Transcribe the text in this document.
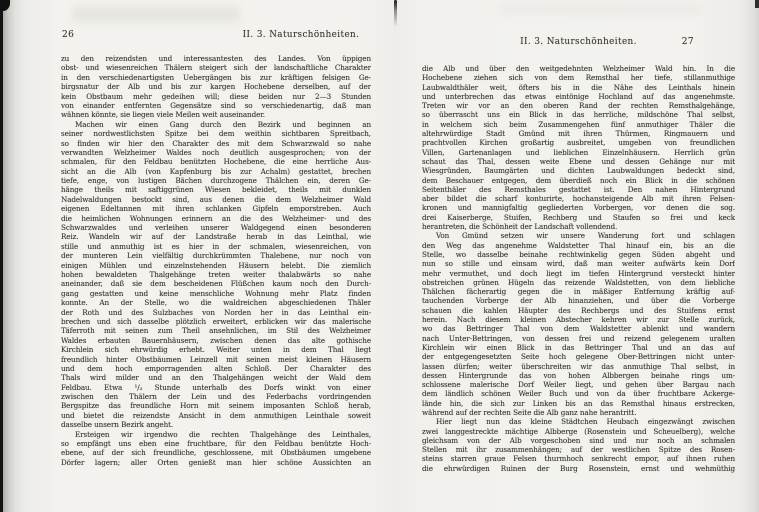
26	II. 3. Naturschönheiten.
zu den reizendsten und interessantesten des Landes. Von üppigen
obst- und wiesenreichen Thälern steigert sich der landschaftliche Charakter
in den verschiedenartigsten Uebergängen bis zur kräftigen felsigen Ge-
birgsnatur der Alb und bis zur kargen Hochebene derselben, auf der
kein Obstbaum mehr gedeihen will; diese beiden nur 2—3 Stunden
von einander entfernten Gegensätze sind so verschiedenartig, daß man
wähnen könnte, sie liegen viele Meilen weit auseinander.
Machen wir einen Gang durch den Bezirk und beginnen an
seiner nordwestlichsten Spitze bei dem weithin sichtbaren Spreitbach,
so finden wir hier den Charakter des mit dem Schwarzwald so nahe
verwandten Welzheimer Waldes noch deutlich ausgesprochen; von der
schmalen, für den Feldbau benützten Hochebene, die eine herrliche Aus-
sicht an die Alb (von Kapfenburg bis zur Achalm) gestattet, brechen
tiefe, enge, von lustigen Bächen durchzogene Thälchen ein, deren Ge-
hänge theils mit saftiggrünen Wiesen bekleidet, theils mit dunklen
Nadelwaldungen bestockt sind, aus denen die dem Welzheimer Wald
eigenen Edeltannen mit ihren schlanken Gipfeln emporstreben. Auch
die heimlichen Wohnungen erinnern an die des Welzheimer- und des
Schwarzwaldes und verleihen unserer Waldgegend einen besonderen
Reiz. Wandeln wir auf der Landstraße herab in das Leinthal, wie
stille und anmuthig ist es hier in der schmalen, wiesenreichen, von
der munteren Lein vielfältig durchkrümmten Thalebene, nur noch von
einigen Mühlen und einzelnstehenden Häusern belebt. Die ziemlich
hohen bewaldeten Thalgehänge treten weiter thalabwärts so nahe
aneinander, daß sie dem bescheidenen Flüßchen kaum noch den Durch-
gang gestatten und keine menschliche Wohnung mehr Platz finden
konnte. An der Stelle, wo die waldreichen abgeschiedenen Thäler
der Roth und des Sulzbaches von Norden her in das Leinthal ein-
brechen und sich dasselbe plötzlich erweitert, erblicken wir das malerische
Täferroth mit seinen zum Theil ansehnlichen, im Stil des Welzheimer
Waldes erbauten Bauernhäusern, zwischen denen das alte gothische
Kirchlein sich ehrwürdig erhebt. Weiter unten in dem Thal liegt
freundlich hinter Obstbäumen Leinzell mit seinen meist kleinen Häusern
und dem hoch emporragenden alten Schloß. Der Charakter des
Thals wird milder und an den Thalgehängen weicht der Wald dem
Feldbau. Etwa ¹/₂ Stunde unterhalb des Dorfs winkt von einer
zwischen den Thälern der Lein und des Federbachs vordringenden
Bergspitze das freundliche Horn mit seinem imposanten Schloß herab,
und bietet die reizendste Ansicht in dem anmuthigen Leinthale soweit
dasselbe unsern Bezirk angeht.
Ersteigen wir irgendwo die rechten Thalgehänge des Leinthales,
so empfängt uns eben eine fruchtbare, für den Feldbau benützte Hoch-
ebene, auf der sich freundliche, geschlossene, mit Obstbäumen umgebene
Dörfer lagern; aller Orten genießt man hier schöne Aussichten an
II. 3. Naturschönheiten.	27
die Alb und über den weitgedehnten Welzheimer Wald hin. In die
Hochebene ziehen sich von dem Remsthal her tiefe, stillanmuthige
Laubwaldthäler weit, öfters bis in die Nähe des Leinthals hinein
und unterbrechen das etwas eintönige Hochland auf das angenehmste.
Treten wir vor an den oberen Rand der rechten Remsthalgehänge,
so überrascht uns ein Blick in das herrliche, mildschöne Thal selbst,
in welchem sich beim Zusammengehen fünf anmuthiger Thäler die
altehrwürdige Stadt Gmünd mit ihren Thürmen, Ringmauern und
prachtvollen Kirchen großartig ausbreitet, umgeben von freundlichen
Villen, Gartenanlagen und lieblichen Einzelnhäusern. Herrlich grün
schaut das Thal, dessen weite Ebene und dessen Gehänge nur mit
Wiesgründen, Baumgärten und dichten Laubwaldungen bedeckt sind,
dem Beschauer entgegen, dem überdieß noch ein Blick in die schönen
Seitenthäler des Remsthales gestattet ist. Den nahen Hintergrund
aber bildet die scharf konturirte, hochansteigende Alb mit ihren Felsen-
kronen und mannigfaltig gegliederten Vorbergen, vor denen die sog.
drei Kaiserberge, Stuifen, Rechberg und Staufen so frei und keck
herantreten, die Schönheit der Landschaft vollendend.
Von Gmünd setzen wir unsere Wanderung fort und schlagen
den Weg das angenehme Waldstetter Thal hinauf ein, bis an die
Stelle, wo dasselbe beinahe rechtwinkelig gegen Süden abgeht und
nun so stille und einsam wird, daß man weiter aufwärts kein Dorf
mehr vermuthet, und doch liegt im tiefen Hintergrund versteckt hinter
obstreichen grünen Hügeln das reizende Waldstetten, von dem liebliche
Thälchen fächerartig gegen die in mäßiger Entfernung kräftig auf-
tauchenden Vorberge der Alb hinanziehen, und über die Vorberge
schauen die kahlen Häupter des Rechbergs und des Stuifens ernst
herein. Nach diesem kleinen Abstecher kehren wir zur Stelle zurück,
wo das Bettringer Thal von dem Waldstetter ablenkt und wandern
nach Unter-Bettringen, von dessen frei und reizend gelegenem uralten
Kirchlein wir einen Blick in das Bettringer Thal und an das auf
der entgegengesetzten Seite hoch gelegene Ober-Bettringen nicht unter-
lassen dürfen; weiter überschreiten wir das anmuthige Thal selbst, in
dessen Hintergrunde das von hohen Albbergen beinahe rings um-
schlossene malerische Dorf Weiler liegt, und gehen über Bargau nach
dem ländlich schönen Weiler Buch und von da über fruchtbare Ackerge-
lände hin, die sich zur Linken bis an das Remsthal hinaus erstrecken,
während auf der rechten Seite die Alb ganz nahe herantritt.
Hier liegt nun das kleine Städtchen Heubach eingezwängt zwischen
zwei langgestreckte mächtige Albberge (Rosenstein und Scheuelberg), welche
gleichsam von der Alb vorgeschoben sind und nur noch an schmalen
Stellen mit ihr zusammenhängen; auf der westlichen Spitze des Rosen-
steins starren graue Felsen thurmhoch senkrecht empor, auf ihnen ruhen
die ehrwürdigen Ruinen der Burg Rosenstein, ernst und wehmüthig
